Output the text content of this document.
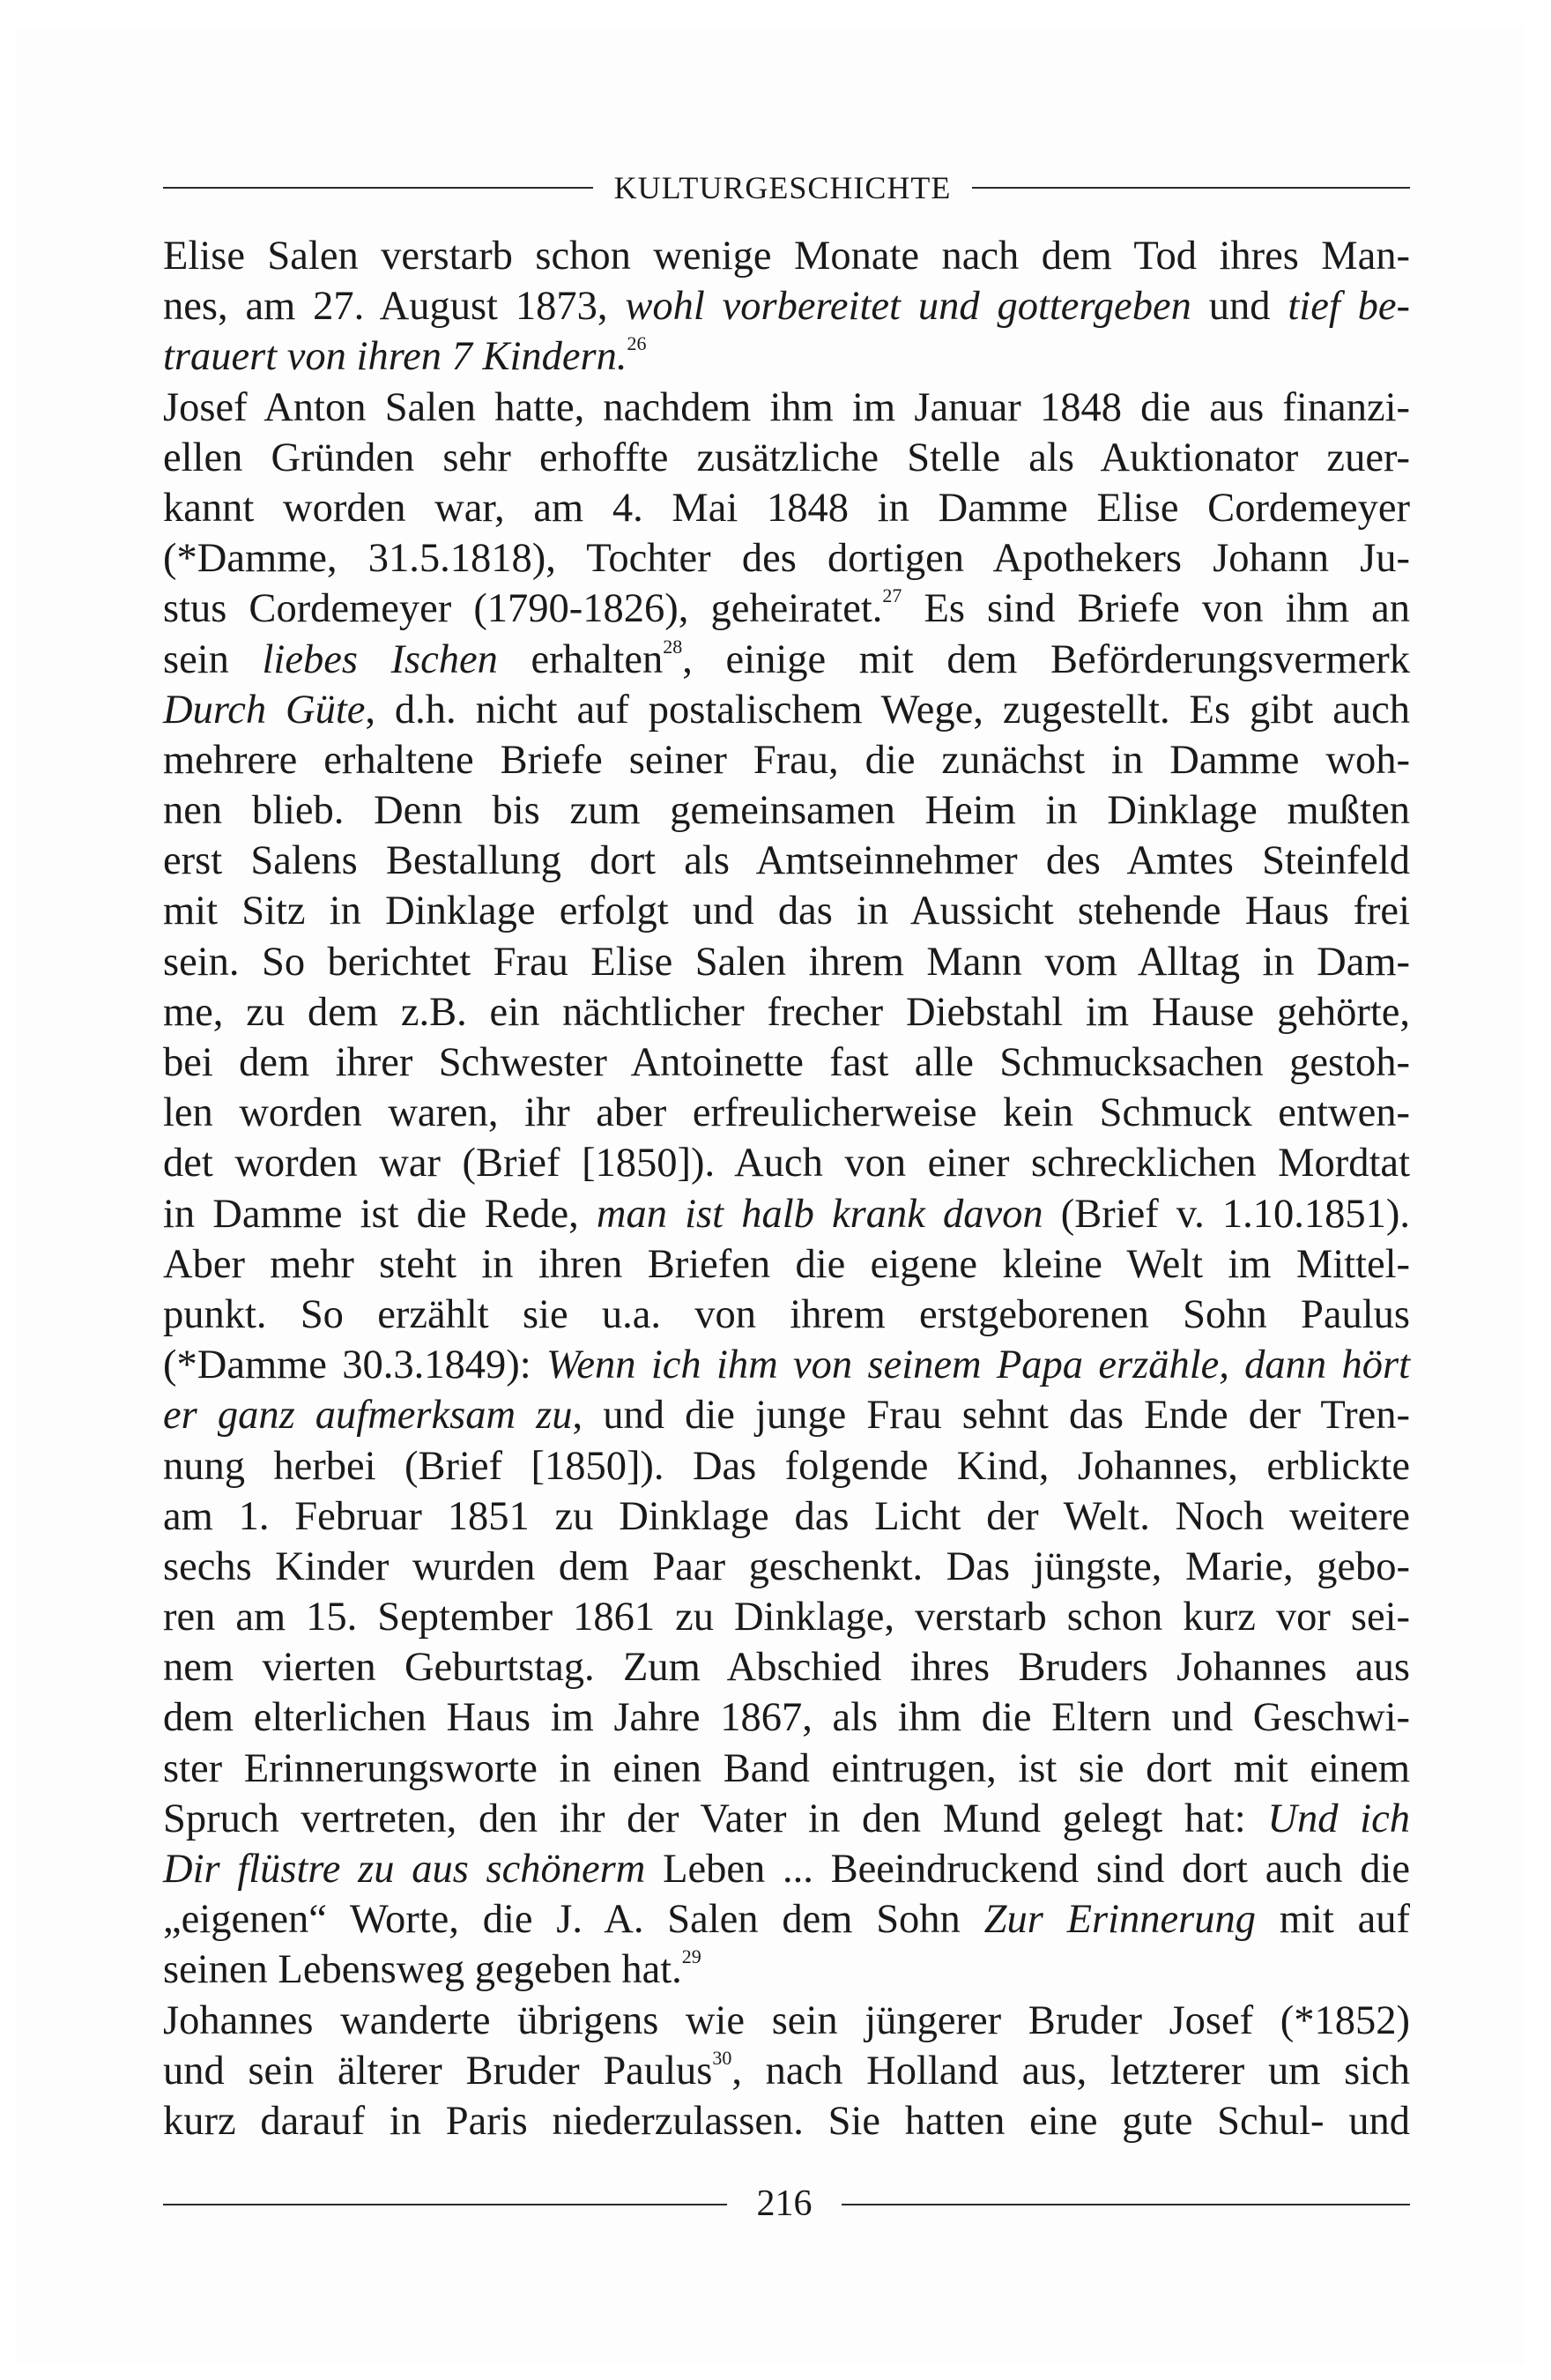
KULTURGESCHICHTE
Elise Salen verstarb schon wenige Monate nach dem Tod ihres Man-
nes, am 27. August 1873, wohl vorbereitet und gottergeben und tief be-
trauert von ihren 7 Kindern.$^{26}$
Josef Anton Salen hatte, nachdem ihm im Januar 1848 die aus finanzi-
ellen Gründen sehr erhoffte zusätzliche Stelle als Auktionator zuer-
kannt worden war, am 4. Mai 1848 in Damme Elise Cordemeyer
(*Damme, 31.5.1818), Tochter des dortigen Apothekers Johann Ju-
stus Cordemeyer (1790-1826), geheiratet.$^{27}$ Es sind Briefe von ihm an
sein liebes Ischen erhalten$^{28}$, einige mit dem Beförderungsvermerk
Durch Güte, d.h. nicht auf postalischem Wege, zugestellt. Es gibt auch
mehrere erhaltene Briefe seiner Frau, die zunächst in Damme woh-
nen blieb. Denn bis zum gemeinsamen Heim in Dinklage mußten
erst Salens Bestallung dort als Amtseinnehmer des Amtes Steinfeld
mit Sitz in Dinklage erfolgt und das in Aussicht stehende Haus frei
sein. So berichtet Frau Elise Salen ihrem Mann vom Alltag in Dam-
me, zu dem z.B. ein nächtlicher frecher Diebstahl im Hause gehörte,
bei dem ihrer Schwester Antoinette fast alle Schmucksachen gestoh-
len worden waren, ihr aber erfreulicherweise kein Schmuck entwen-
det worden war (Brief [1850]). Auch von einer schrecklichen Mordtat
in Damme ist die Rede, man ist halb krank davon (Brief v. 1.10.1851).
Aber mehr steht in ihren Briefen die eigene kleine Welt im Mittel-
punkt. So erzählt sie u.a. von ihrem erstgeborenen Sohn Paulus
(*Damme 30.3.1849): Wenn ich ihm von seinem Papa erzähle, dann hört
er ganz aufmerksam zu, und die junge Frau sehnt das Ende der Tren-
nung herbei (Brief [1850]). Das folgende Kind, Johannes, erblickte
am 1. Februar 1851 zu Dinklage das Licht der Welt. Noch weitere
sechs Kinder wurden dem Paar geschenkt. Das jüngste, Marie, gebo-
ren am 15. September 1861 zu Dinklage, verstarb schon kurz vor sei-
nem vierten Geburtstag. Zum Abschied ihres Bruders Johannes aus
dem elterlichen Haus im Jahre 1867, als ihm die Eltern und Geschwi-
ster Erinnerungsworte in einen Band eintrugen, ist sie dort mit einem
Spruch vertreten, den ihr der Vater in den Mund gelegt hat: Und ich
Dir flüstre zu aus schönerm Leben ... Beeindruckend sind dort auch die
„eigenen“ Worte, die J. A. Salen dem Sohn Zur Erinnerung mit auf
seinen Lebensweg gegeben hat.$^{29}$
Johannes wanderte übrigens wie sein jüngerer Bruder Josef (*1852)
und sein älterer Bruder Paulus$^{30}$, nach Holland aus, letzterer um sich
kurz darauf in Paris niederzulassen. Sie hatten eine gute Schul- und
216
